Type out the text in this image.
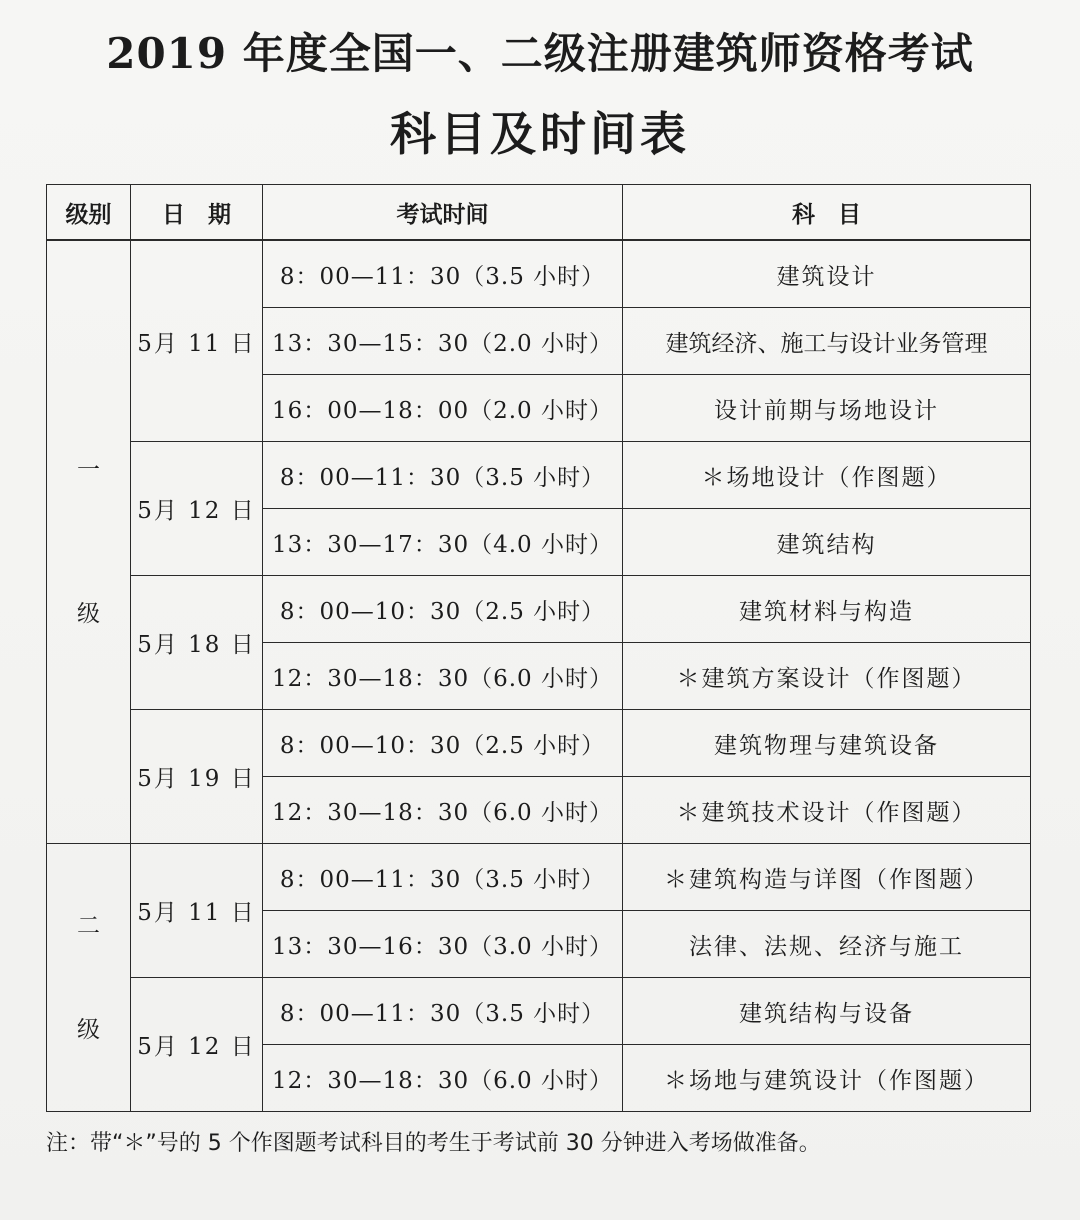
2019 年度全国一、二级注册建筑师资格考试
科目及时间表
级别	日　期	考试时间	科　目

一
级	5月 11 日	8：00—11：30（3.5 小时）	建筑设计
		13：30—15：30（2.0 小时）	建筑经济、施工与设计业务管理
		16：00—18：00（2.0 小时）	设计前期与场地设计
	5月 12 日	8：00—11：30（3.5 小时）	＊场地设计（作图题）
		13：30—17：30（4.0 小时）	建筑结构
	5月 18 日	8：00—10：30（2.5 小时）	建筑材料与构造
		12：30—18：30（6.0 小时）	＊建筑方案设计（作图题）
	5月 19 日	8：00—10：30（2.5 小时）	建筑物理与建筑设备
		12：30—18：30（6.0 小时）	＊建筑技术设计（作图题）

二
级	5月 11 日	8：00—11：30（3.5 小时）	＊建筑构造与详图（作图题）
		13：30—16：30（3.0 小时）	法律、法规、经济与施工
	5月 12 日	8：00—11：30（3.5 小时）	建筑结构与设备
		12：30—18：30（6.0 小时）	＊场地与建筑设计（作图题）
注：带“＊”号的 5 个作图题考试科目的考生于考试前 30 分钟进入考场做准备。
